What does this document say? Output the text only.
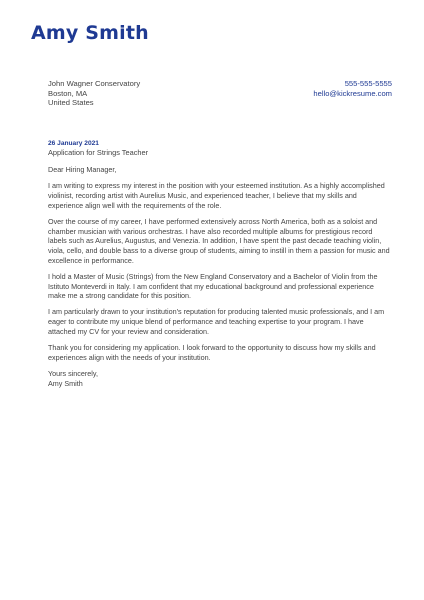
Amy Smith
John Wagner Conservatory
Boston, MA
United States
555-555-5555
hello@kickresume.com
26 January 2021
Application for Strings Teacher

Dear Hiring Manager,

I am writing to express my interest in the position with your esteemed institution. As a highly accomplished violinist, recording artist with Aurelius Music, and experienced teacher, I believe that my skills and experience align well with the requirements of the role.

Over the course of my career, I have performed extensively across North America, both as a soloist and chamber musician with various orchestras. I have also recorded multiple albums for prestigious record labels such as Aurelius, Augustus, and Venezia. In addition, I have spent the past decade teaching violin, viola, cello, and double bass to a diverse group of students, aiming to instill in them a passion for music and excellence in performance.

I hold a Master of Music (Strings) from the New England Conservatory and a Bachelor of Violin from the Istituto Monteverdi in Italy. I am confident that my educational background and professional experience make me a strong candidate for this position.

I am particularly drawn to your institution's reputation for producing talented music professionals, and I am eager to contribute my unique blend of performance and teaching expertise to your program. I have attached my CV for your review and consideration.

Thank you for considering my application. I look forward to the opportunity to discuss how my skills and experiences align with the needs of your institution.

Yours sincerely,
Amy Smith
